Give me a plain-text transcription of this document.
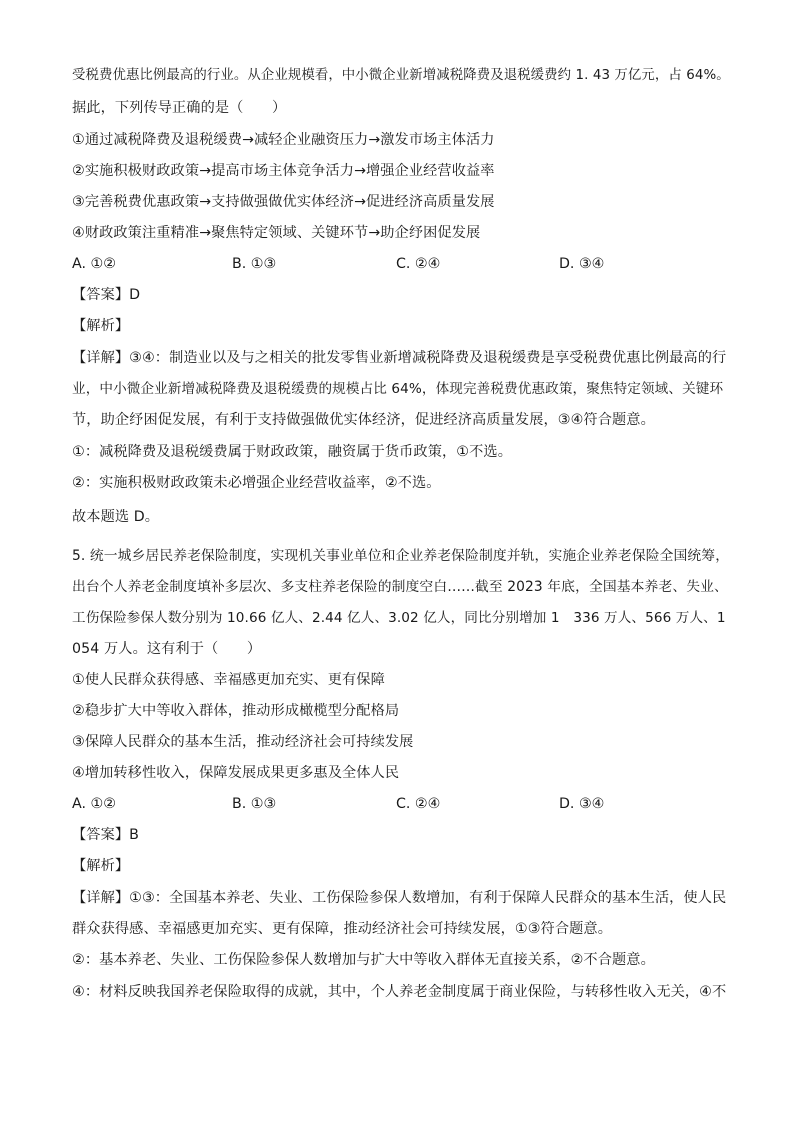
受税费优惠比例最高的行业。从企业规模看，中小微企业新增减税降费及退税缓费约 1. 43 万亿元，占 64%。
据此，下列传导正确的是（　　）
①通过减税降费及退税缓费→减轻企业融资压力→激发市场主体活力
②实施积极财政政策→提高市场主体竞争活力→增强企业经营收益率
③完善税费优惠政策→支持做强做优实体经济→促进经济高质量发展
④财政政策注重精准→聚焦特定领域、关键环节→助企纾困促发展
A. ①②	B. ①③	C. ②④	D. ③④
【答案】D
【解析】
【详解】③④：制造业以及与之相关的批发零售业新增减税降费及退税缓费是享受税费优惠比例最高的行
业，中小微企业新增减税降费及退税缓费的规模占比 64%，体现完善税费优惠政策，聚焦特定领域、关键环
节，助企纾困促发展，有利于支持做强做优实体经济，促进经济高质量发展，③④符合题意。
①：减税降费及退税缓费属于财政政策，融资属于货币政策，①不选。
②：实施积极财政政策未必增强企业经营收益率，②不选。
故本题选 D。
5. 统一城乡居民养老保险制度，实现机关事业单位和企业养老保险制度并轨，实施企业养老保险全国统筹，
出台个人养老金制度填补多层次、多支柱养老保险的制度空白……截至 2023 年底，全国基本养老、失业、
工伤保险参保人数分别为 10.66 亿人、2.44 亿人、3.02 亿人，同比分别增加 1　336 万人、566 万人、1
054 万人。这有利于（　　）
①使人民群众获得感、幸福感更加充实、更有保障
②稳步扩大中等收入群体，推动形成橄榄型分配格局
③保障人民群众的基本生活，推动经济社会可持续发展
④增加转移性收入，保障发展成果更多惠及全体人民
A. ①②	B. ①③	C. ②④	D. ③④
【答案】B
【解析】
【详解】①③：全国基本养老、失业、工伤保险参保人数增加，有利于保障人民群众的基本生活，使人民
群众获得感、幸福感更加充实、更有保障，推动经济社会可持续发展，①③符合题意。
②：基本养老、失业、工伤保险参保人数增加与扩大中等收入群体无直接关系，②不合题意。
④：材料反映我国养老保险取得的成就，其中，个人养老金制度属于商业保险，与转移性收入无关，④不
